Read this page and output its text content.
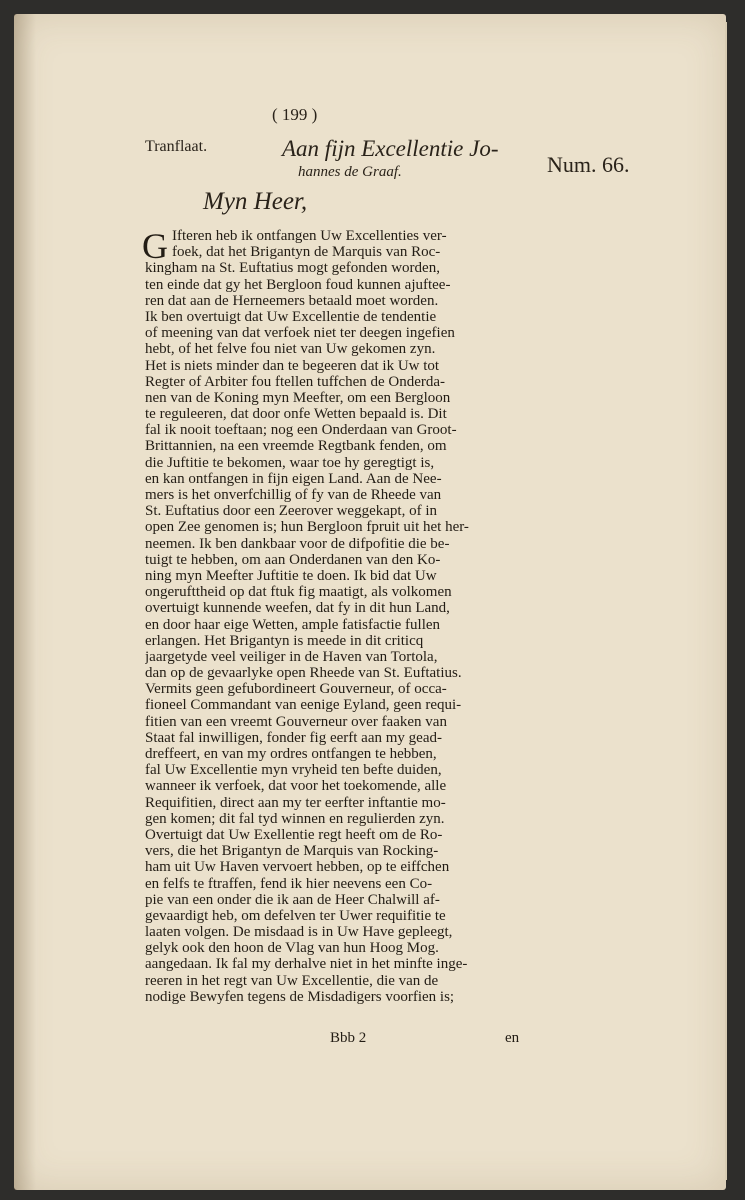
( 199 )
Tranflaat.	Aan fijn Excellentie Jo-
hannes de Graaf.	Num. 66.
Myn Heer,
G Ifteren heb ik ontfangen Uw Excellenties ver-
foek, dat het Brigantyn de Marquis van Roc-
kingham na St. Euftatius mogt gefonden worden,
ten einde dat gy het Bergloon foud kunnen ajuftee-
ren dat aan de Herneemers betaald moet worden.
Ik ben overtuigt dat Uw Excellentie de tendentie
of meening van dat verfoek niet ter deegen ingefien
hebt, of het felve fou niet van Uw gekomen zyn.
Het is niets minder dan te begeeren dat ik Uw tot
Regter of Arbiter fou ftellen tuffchen de Onderda-
nen van de Koning myn Meefter, om een Bergloon
te reguleeren, dat door onfe Wetten bepaald is. Dit
fal ik nooit toeftaan; nog een Onderdaan van Groot-
Brittannien, na een vreemde Regtbank fenden, om
die Juftitie te bekomen, waar toe hy geregtigt is,
en kan ontfangen in fijn eigen Land. Aan de Nee-
mers is het onverfchillig of fy van de Rheede van
St. Euftatius door een Zeerover weggekapt, of in
open Zee genomen is; hun Bergloon fpruit uit het her-
neemen. Ik ben dankbaar voor de difpofitie die be-
tuigt te hebben, om aan Onderdanen van den Ko-
ning myn Meefter Juftitie te doen. Ik bid dat Uw
ongerufttheid op dat ftuk fig maatigt, als volkomen
overtuigt kunnende weefen, dat fy in dit hun Land,
en door haar eige Wetten, ample fatisfactie fullen
erlangen. Het Brigantyn is meede in dit criticq
jaargetyde veel veiliger in de Haven van Tortola,
dan op de gevaarlyke open Rheede van St. Euftatius.
Vermits geen gefubordineert Gouverneur, of occa-
fioneel Commandant van eenige Eyland, geen requi-
fitien van een vreemt Gouverneur over faaken van
Staat fal inwilligen, fonder fig eerft aan my gead-
dreffeert, en van my ordres ontfangen te hebben,
fal Uw Excellentie myn vryheid ten befte duiden,
wanneer ik verfoek, dat voor het toekomende, alle
Requifitien, direct aan my ter eerfter inftantie mo-
gen komen; dit fal tyd winnen en regulierden zyn.
Overtuigt dat Uw Exellentie regt heeft om de Ro-
vers, die het Brigantyn de Marquis van Rocking-
ham uit Uw Haven vervoert hebben, op te eiffchen
en felfs te ftraffen, fend ik hier neevens een Co-
pie van een onder die ik aan de Heer Chalwill af-
gevaardigt heb, om defelven ter Uwer requifitie te
laaten volgen. De misdaad is in Uw Have gepleegt,
gelyk ook den hoon de Vlag van hun Hoog Mog.
aangedaan. Ik fal my derhalve niet in het minfte inge-
reeren in het regt van Uw Excellentie, die van de
nodige Bewyfen tegens de Misdadigers voorfien is;
Bbb 2	en
